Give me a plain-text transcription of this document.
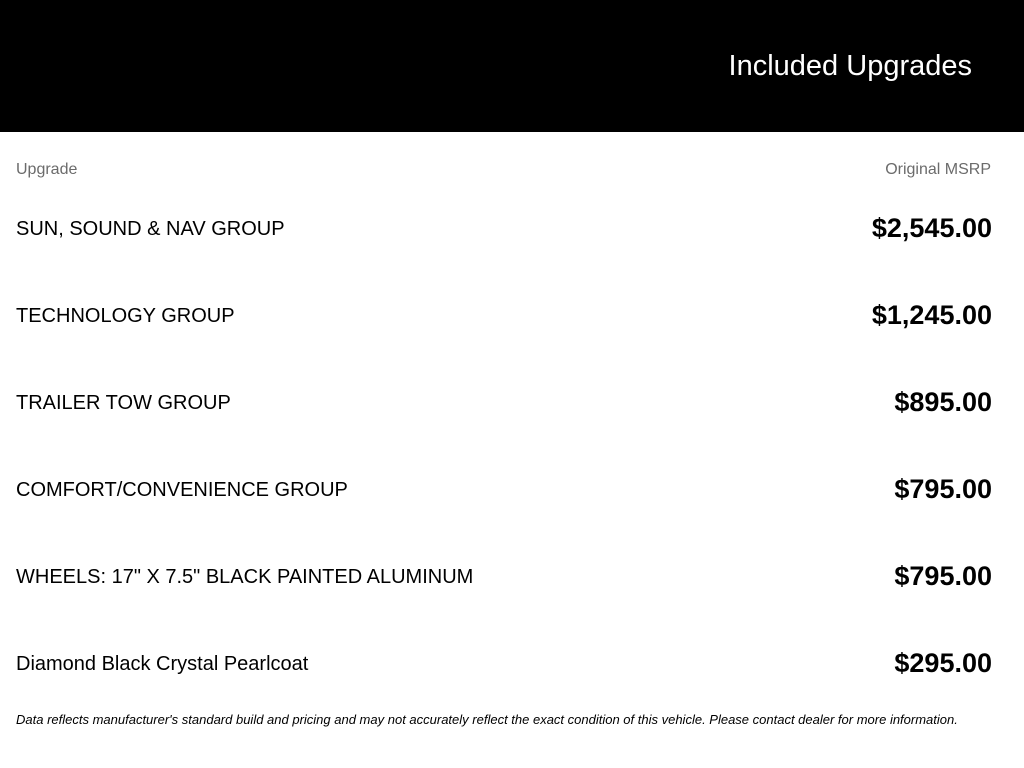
Included Upgrades
Upgrade	Original MSRP
SUN, SOUND & NAV GROUP	$2,545.00
TECHNOLOGY GROUP	$1,245.00
TRAILER TOW GROUP	$895.00
COMFORT/CONVENIENCE GROUP	$795.00
WHEELS: 17" X 7.5" BLACK PAINTED ALUMINUM	$795.00
Diamond Black Crystal Pearlcoat	$295.00

Data reflects manufacturer's standard build and pricing and may not accurately reflect the exact condition of this vehicle. Please contact dealer for more information.
